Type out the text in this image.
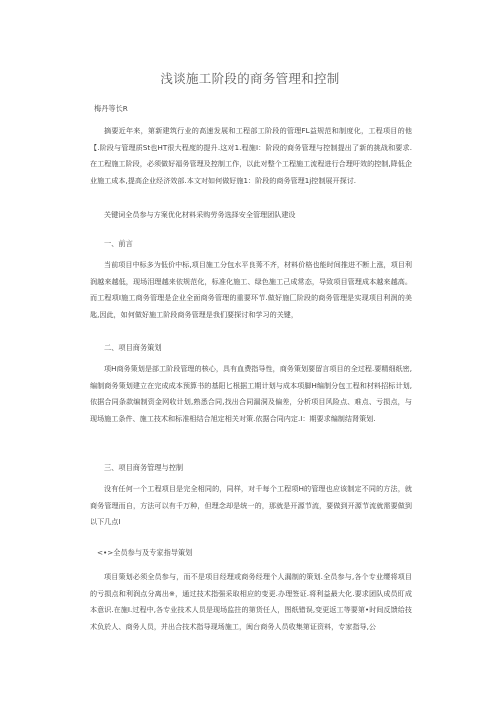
浅谈施工阶段的商务管理和控制
梅丹等长R
摘要近年来，第新建筑行业的高速发展和工程部工阶段的管理FL益规范和制度化，工程项目的他【.阶段与管理质St也HT很大程度的提升.这对1.程施I：阶段的商务管理与控制提出了新的挑战和要求.在工程施工阶段，必须做好福务管理及控制工作，以此对整个工程施工流程进行合理吁效的控制,降低企业施工成本,提高企业经济效部.本文对如何做好施1：阶段的商务管理1j控制展开探讨.
关键词全员参与方案优化材料采购劳务选择安全管理团队建设
一、前言
当前项目中标多为低价中标,项目施工分包水平良莠不齐，材料价格也能时间推进不断上涨，项目利润越来越低，现场泪理越来依规范化，标准化施工、绿色施工己成常态，导致项目管理成本越来越高。而工程项I施工商务管理是企业全面商务管理的重要环节.做好施匚阶段的商务管理是实现项目利润的美匙,因此，如何做好施工阶段商务管理是我们要探讨和学习的关键，
二、项目商务策划
项H商务策划是部工阶段管理的核心，具有血费指导性，商务策划要留言项目的全过程.要精细纸密,编制商务策划建立在完成成本预算书的基阳匕根据工期计划与成本项脚H编制分包工程和材料招标计划,依据合同条款编制资金网收计划,熟悉合同,找出合同漏洞及偏差，分析项目风险点、难点、亏损点，与现场施工条件、施工技术和标准相结合旭定相关对策.依据合同内定.I：期要求编制结肾策划.
三、项目商务管理与控制
没有任何一个工程项目是完全相同的，同样，对千每个工程项H的管理也应该制定不同的方法，就商务管理而自，方法可以有千万种，但理念却是统一的，那就是开源节流，要做到开源节流就需要做到以下几点I
<•>全员参与及专家指导策划
项目策划必须全员参与，而不是项目经理或商务经理个人漏制的策划.全员参与,各个专业缨将项目的亏损点和利润点分离出※，通过技术指强采取相应的变更.办理签证.将利益最大化.要求团队成员盯成本意识.在施I.过程中,各专业技术人员是现场监拄的第货任人，图纸错误,变更返工等要第•时间反馈给技术负於人、商务人员，并出合技术指导现场施工，闽台商务人员收集第证资料，专家指导,公
